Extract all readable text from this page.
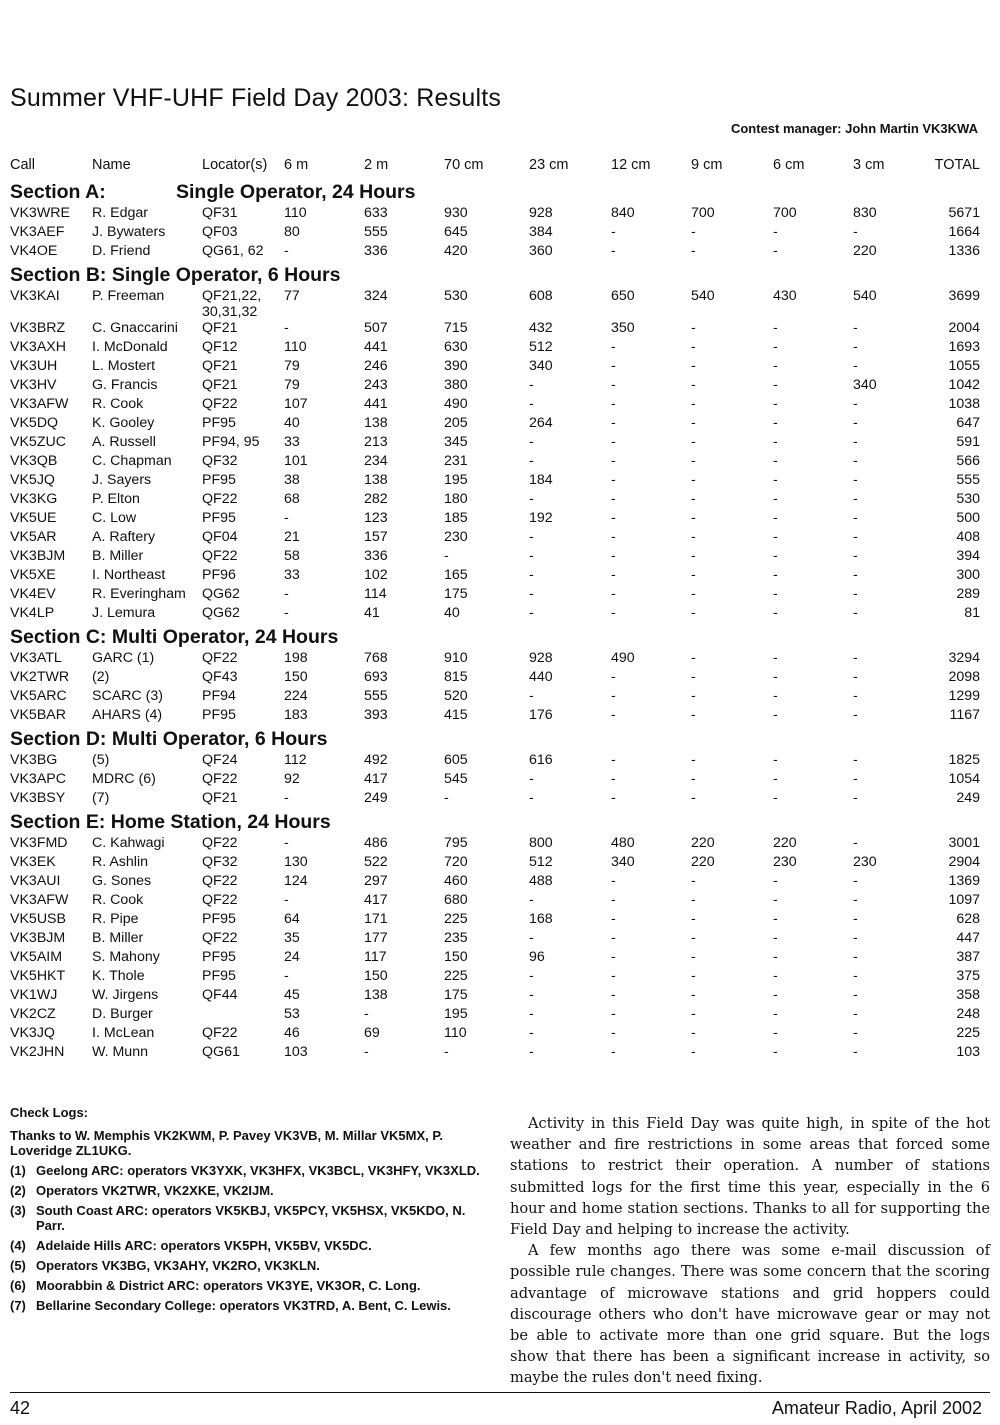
Summer VHF-UHF Field Day 2003: Results
Contest manager: John Martin VK3KWA
Call	Name	Locator(s)	6 m	2 m	70 cm	23 cm	12 cm	9 cm	6 cm	3 cm	TOTAL
Section A:	Single Operator, 24 Hours
VK3WRE	R. Edgar	QF31	110	633	930	928	840	700	700	830	5671
VK3AEF	J. Bywaters	QF03	80	555	645	384	-	-	-	-	1664
VK4OE	D. Friend	QG61, 62	-	336	420	360	-	-	-	220	1336
Section B: Single Operator, 6 Hours
VK3KAI	P. Freeman	QF21,22, 30,31,32	77	324	530	608	650	540	430	540	3699
VK3BRZ	C. Gnaccarini	QF21	-	507	715	432	350	-	-	-	2004
VK3AXH	I. McDonald	QF12	110	441	630	512	-	-	-	-	1693
VK3UH	L. Mostert	QF21	79	246	390	340	-	-	-	-	1055
VK3HV	G. Francis	QF21	79	243	380	-	-	-	-	340	1042
VK3AFW	R. Cook	QF22	107	441	490	-	-	-	-	-	1038
VK5DQ	K. Gooley	PF95	40	138	205	264	-	-	-	-	647
VK5ZUC	A. Russell	PF94, 95	33	213	345	-	-	-	-	-	591
VK3QB	C. Chapman	QF32	101	234	231	-	-	-	-	-	566
VK5JQ	J. Sayers	PF95	38	138	195	184	-	-	-	-	555
VK3KG	P. Elton	QF22	68	282	180	-	-	-	-	-	530
VK5UE	C. Low	PF95	-	123	185	192	-	-	-	-	500
VK5AR	A. Raftery	QF04	21	157	230	-	-	-	-	-	408
VK3BJM	B. Miller	QF22	58	336	-	-	-	-	-	-	394
VK5XE	I. Northeast	PF96	33	102	165	-	-	-	-	-	300
VK4EV	R. Everingham	QG62	-	114	175	-	-	-	-	-	289
VK4LP	J. Lemura	QG62	-	41	40	-	-	-	-	-	81
Section C: Multi Operator, 24 Hours
VK3ATL	GARC (1)	QF22	198	768	910	928	490	-	-	-	3294
VK2TWR	(2)	QF43	150	693	815	440	-	-	-	-	2098
VK5ARC	SCARC (3)	PF94	224	555	520	-	-	-	-	-	1299
VK5BAR	AHARS (4)	PF95	183	393	415	176	-	-	-	-	1167
Section D: Multi Operator, 6 Hours
VK3BG	(5)	QF24	112	492	605	616	-	-	-	-	1825
VK3APC	MDRC (6)	QF22	92	417	545	-	-	-	-	-	1054
VK3BSY	(7)	QF21	-	249	-	-	-	-	-	-	249
Section E: Home Station, 24 Hours
VK3FMD	C. Kahwagi	QF22	-	486	795	800	480	220	220	-	3001
VK3EK	R. Ashlin	QF32	130	522	720	512	340	220	230	230	2904
VK3AUI	G. Sones	QF22	124	297	460	488	-	-	-	-	1369
VK3AFW	R. Cook	QF22	-	417	680	-	-	-	-	-	1097
VK5USB	R. Pipe	PF95	64	171	225	168	-	-	-	-	628
VK3BJM	B. Miller	QF22	35	177	235	-	-	-	-	-	447
VK5AIM	S. Mahony	PF95	24	117	150	96	-	-	-	-	387
VK5HKT	K. Thole	PF95	-	150	225	-	-	-	-	-	375
VK1WJ	W. Jirgens	QF44	45	138	175	-	-	-	-	-	358
VK2CZ	D. Burger		53	-	195	-	-	-	-	-	248
VK3JQ	I. McLean	QF22	46	69	110	-	-	-	-	-	225
VK2JHN	W. Munn	QG61	103	-	-	-	-	-	-	-	103
Check Logs:
Thanks to W. Memphis VK2KWM, P. Pavey VK3VB, M. Millar VK5MX, P. Loveridge ZL1UKG.
(1) Geelong ARC: operators VK3YXK, VK3HFX, VK3BCL, VK3HFY, VK3XLD.
(2) Operators VK2TWR, VK2XKE, VK2IJM.
(3) South Coast ARC: operators VK5KBJ, VK5PCY, VK5HSX, VK5KDO, N. Parr.
(4) Adelaide Hills ARC: operators VK5PH, VK5BV, VK5DC.
(5) Operators VK3BG, VK3AHY, VK2RO, VK3KLN.
(6) Moorabbin & District ARC: operators VK3YE, VK3OR, C. Long.
(7) Bellarine Secondary College: operators VK3TRD, A. Bent, C. Lewis.

Activity in this Field Day was quite high, in spite of the hot weather and fire restrictions in some areas that forced some stations to restrict their operation. A number of stations submitted logs for the first time this year, especially in the 6 hour and home station sections. Thanks to all for supporting the Field Day and helping to increase the activity.

A few months ago there was some e-mail discussion of possible rule changes. There was some concern that the scoring advantage of microwave stations and grid hoppers could discourage others who don't have microwave gear or may not be able to activate more than one grid square. But the logs show that there has been a significant increase in activity, so maybe the rules don't need fixing.

42	Amateur Radio, April 2002
